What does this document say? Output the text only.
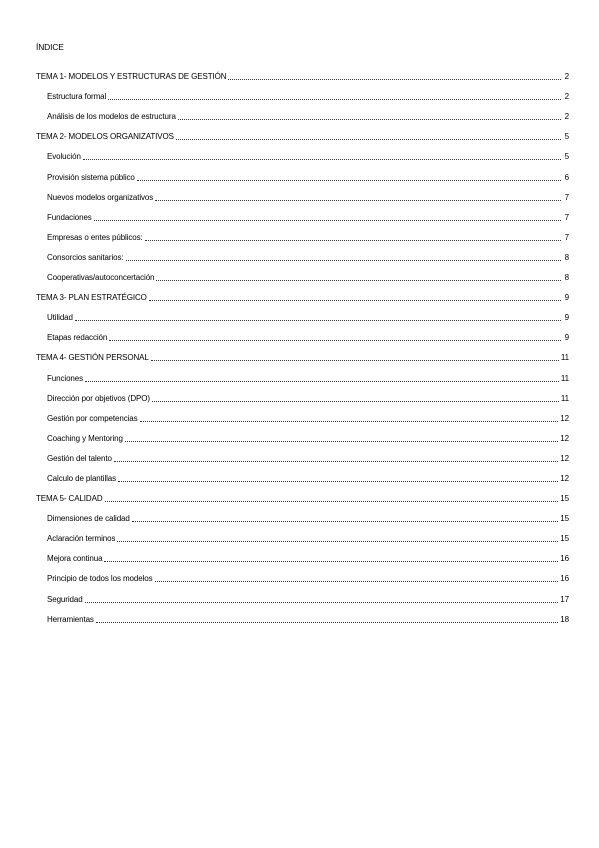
ÍNDICE
TEMA 1- MODELOS Y ESTRUCTURAS DE GESTIÓN	2
Estructura formal	2
Análisis de los modelos de estructura	2
TEMA 2- MODELOS ORGANIZATIVOS	5
Evolución	5
Provisión sistema público	6
Nuevos modelos organizativos	7
Fundaciones	7
Empresas o entes públicos:	7
Consorcios sanitarios:	8
Cooperativas/autoconcertación	8
TEMA 3- PLAN ESTRATÉGICO	9
Utilidad	9
Etapas redacción	9
TEMA 4- GESTIÓN PERSONAL	11
Funciones	11
Dirección por objetivos (DPO)	11
Gestión por competencias	12
Coaching y Mentoring	12
Gestión del talento	12
Calculo de plantillas	12
TEMA 5- CALIDAD	15
Dimensiones de calidad	15
Aclaración terminos	15
Mejora continua	16
Principio de todos los modelos	16
Seguridad	17
Herramientas	18
